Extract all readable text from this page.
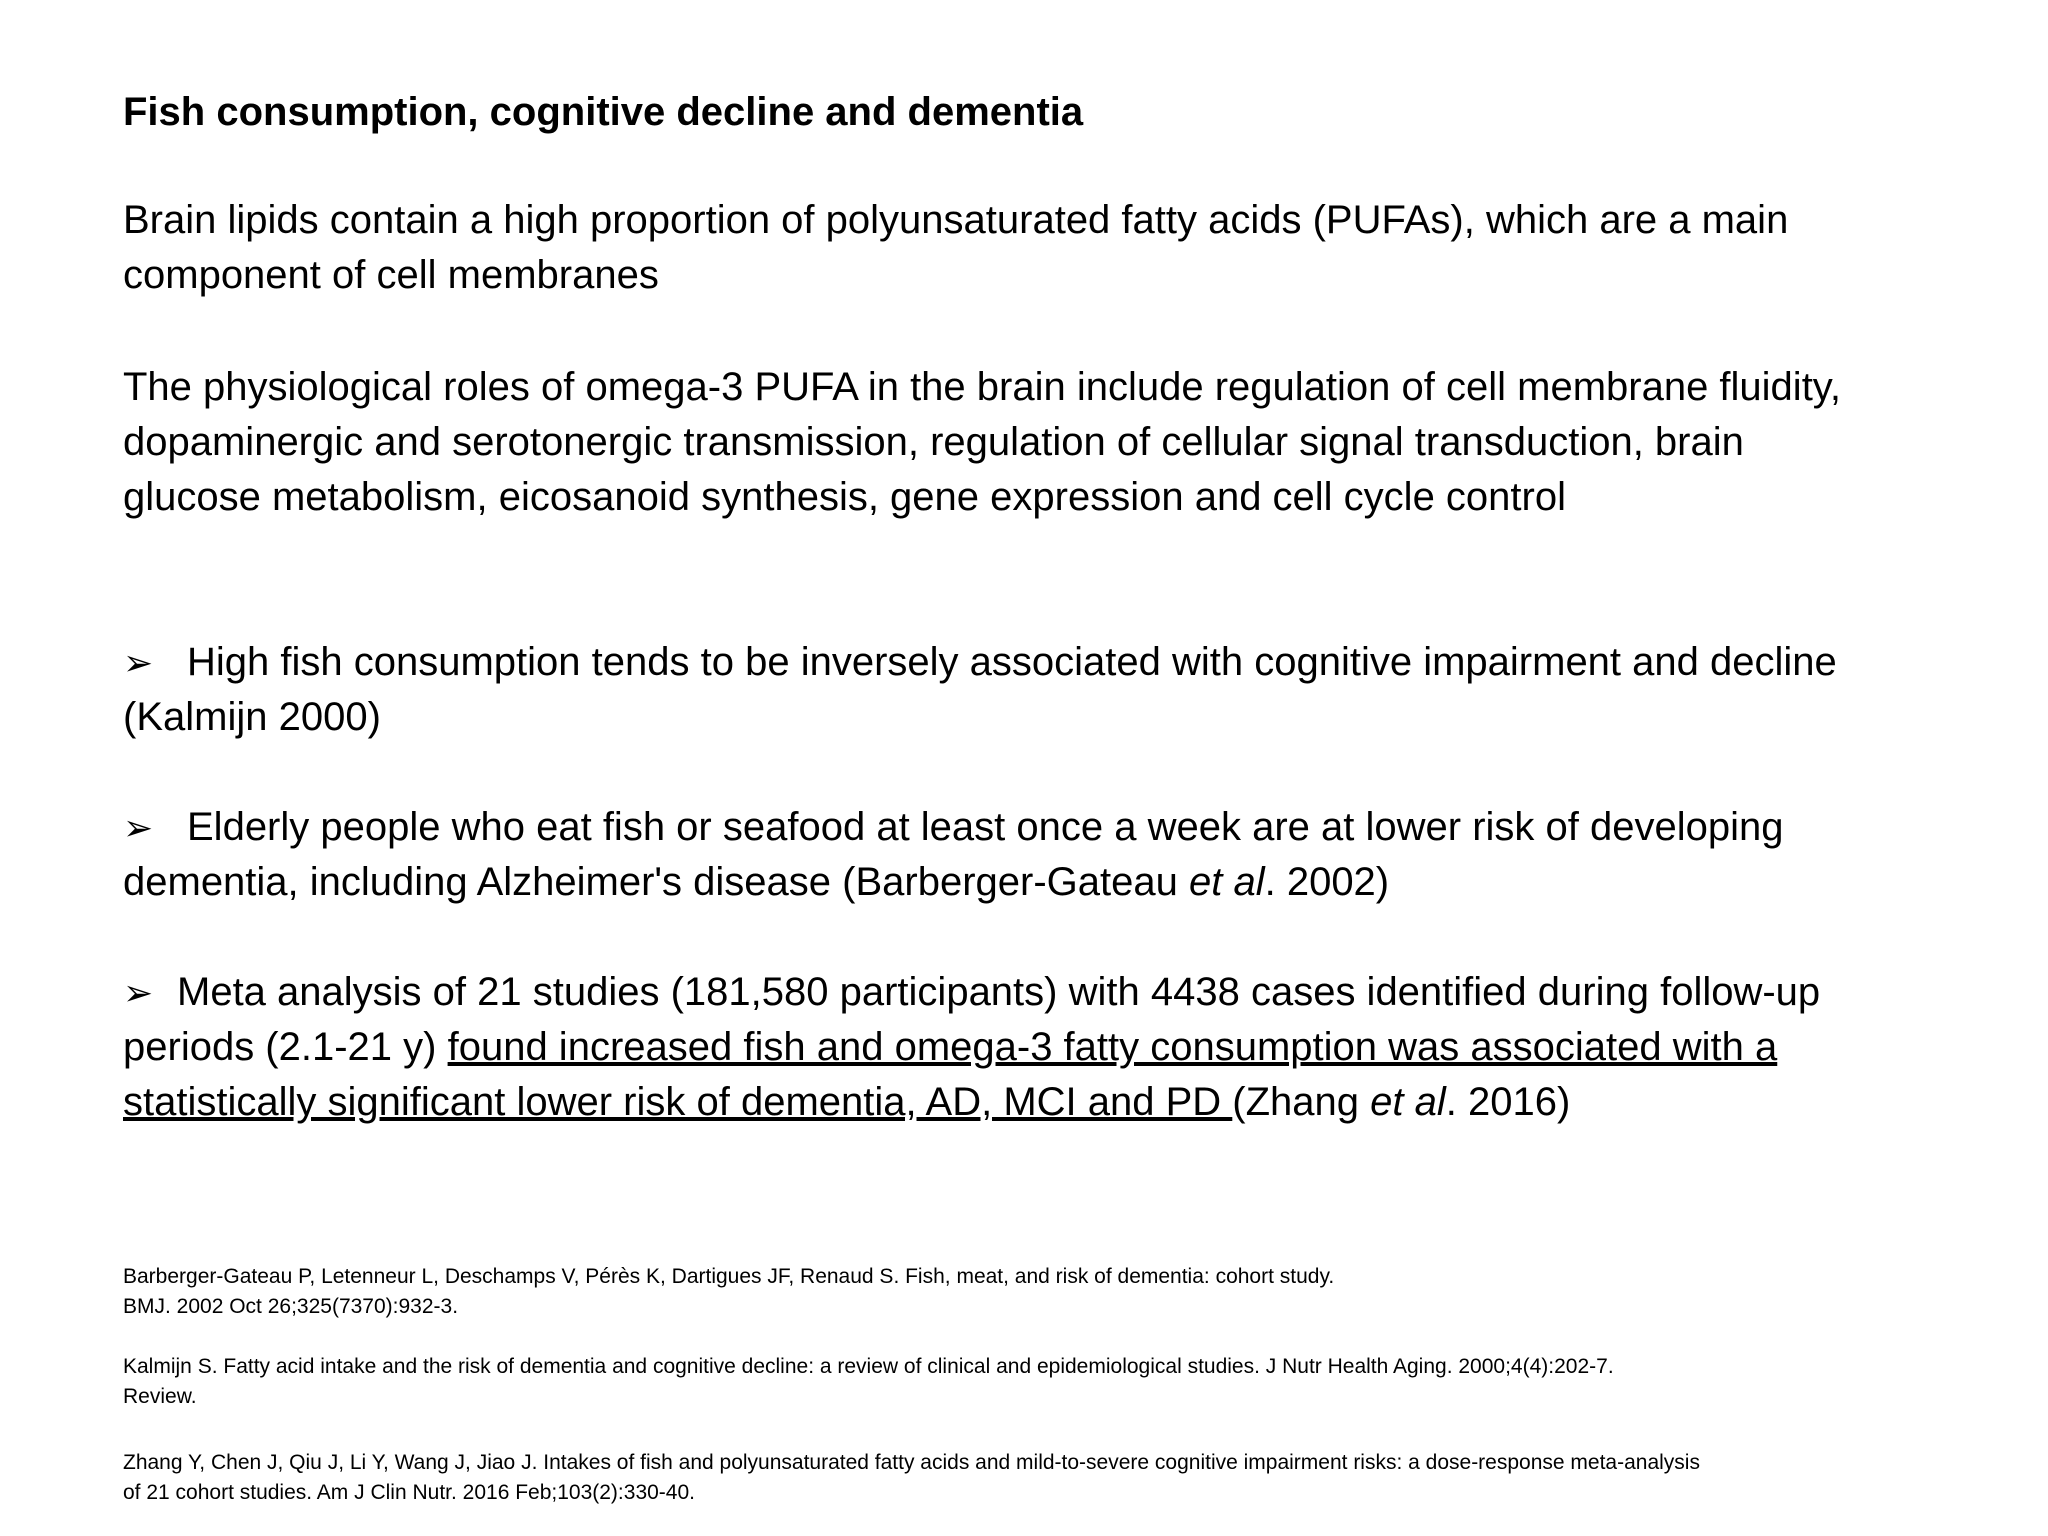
Fish consumption, cognitive decline and dementia

Brain lipids contain a high proportion of polyunsaturated fatty acids (PUFAs), which are a main component of cell membranes

The physiological roles of omega-3 PUFA in the brain include regulation of cell membrane fluidity, dopaminergic and serotonergic transmission, regulation of cellular signal transduction, brain glucose metabolism, eicosanoid synthesis, gene expression and cell cycle control

➢ High fish consumption tends to be inversely associated with cognitive impairment and decline (Kalmijn 2000)

➢ Elderly people who eat fish or seafood at least once a week are at lower risk of developing dementia, including Alzheimer's disease (Barberger-Gateau et al. 2002)

➢ Meta analysis of 21 studies (181,580 participants) with 4438 cases identified during follow-up periods (2.1-21 y) found increased fish and omega-3 fatty consumption was associated with a statistically significant lower risk of dementia, AD, MCI and PD (Zhang et al. 2016)

Barberger-Gateau P, Letenneur L, Deschamps V, Pérès K, Dartigues JF, Renaud S. Fish, meat, and risk of dementia: cohort study.

BMJ. 2002 Oct 26;325(7370):932-3.

Kalmijn S. Fatty acid intake and the risk of dementia and cognitive decline: a review of clinical and epidemiological studies. J Nutr Health Aging. 2000;4(4):202-7.

Review.

Zhang Y, Chen J, Qiu J, Li Y, Wang J, Jiao J. Intakes of fish and polyunsaturated fatty acids and mild-to-severe cognitive impairment risks: a dose-response meta-analysis

of 21 cohort studies. Am J Clin Nutr. 2016 Feb;103(2):330-40.
